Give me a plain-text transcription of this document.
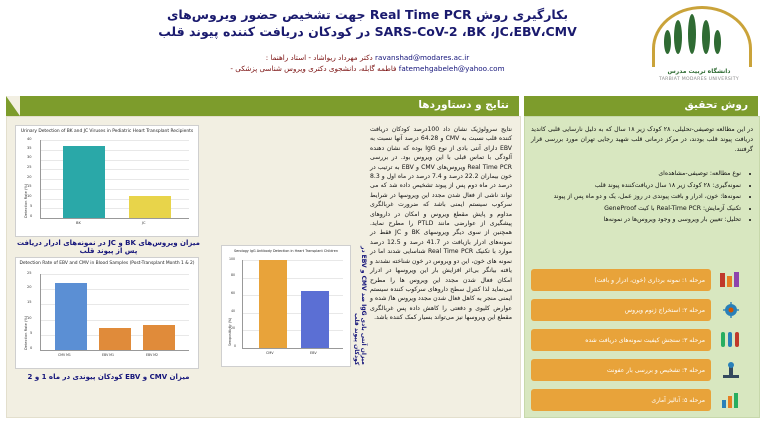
بکارگیری روش Real Time PCR جهت تشخیص حضور ویروس‌های
SARS-CoV-2 ،BK ،JC،EBV،CMV در کودکان دریافت کننده پیوند قلب
ravanshad@modares.ac.ir دکتر مهرداد ریواشاد - استاد راهنما :
fatemehgabeleh@yahoo.com فاطمه گابله، دانشجوی دکتری ویروس شناسی پزشکی -	دانشگاه تربیت مدرس
TARBIAT MODARES UNIVERSITY
نتایج و دستاوردها	روش تحقیق

نتایج سرولوژیک نشان داد 100درصد کودکان دریافت کننده قلب نسبت به CMV و 64.28 درصد آنها نسبت به EBV دارای آنتی بادی از نوع IgG بوده که نشان دهنده آلودگی با تماس قبلی با این ویروس بود. در بررسی Real Time PCR ویروس‌های CMV و EBV به ترتیب در خون بیماران 22.2 درصد و 7.4 درصد در ماه اول و 8.3 درصد در ماه دوم پس از پیوند تشخیص داده شد که می تواند ناشی از فعال شدن مجدد این ویروسها در شرایط سرکوب سیستم ایمنی باشد که ضرورت غربالگری مداوم و پایش مقطع ویروس و امکان در داروهای پیشگیری از عوارضی مانند PTLD را مطرح نماید. همچنین از سوی دیگر ویروسهای BK و JC فقط در نمونه‌های ادرار بازیافت در 41.7 درصد و 12.5 درصد موارد با تکنیک Real Time PCR شناسایی شدند اما در نمونه های خون، این دو ویروس در خون شناخته نشدند و یافته بیانگر بی‌اثر افزایش بار این ویروسها در ادرار امکان فعال شدن مجدد این ویروس ها را مطرح می‌نماید لذا کنترل سطح داروهای سرکوب کننده سیستم ایمنی منجر به کاهل فعال شدن مجدد ویروس ها/ شده و عوارض کلیوی و دفعتی را کاهش داده پس غربالگری مقطع این ویروسها نیز می‌تواند بسیار کمک کننده باشد.

Urinary Detection of BK and JC Viruses in Pediatric Heart Transplant Recipients
Detection Rate (%) 0
5
10
15
20
25
30
35
40
BK	JC
میزان ویروس‌های BK و JC در نمونه‌های ادرار دریافت پس از پیوند قلب
Detection Rate of EBV and CMV in Blood Samples (Post-Transplant Month 1 & 2)
Detection Rate (%) 0
5
10
15
20
25
CMV M1	EBV M1	EBV M2
میزان CMV و EBV کودکان پیوندی در ماه 1 و 2
Serology IgG Antibody Detection in Heart Transplant Children
Seropositivity (%) 0
20
40
60
80
100
CMV	EBV
میزان آنتی بادی IgG ضد CMV و EBV در کودکان پیوند قلب

در این مطالعه توصیفی-تحلیلی، ۲۸ کودک زیر ۱۸ سال که به دلیل نارسایی قلبی کاندید دریافت پیوند قلب بودند، در مرکز درمانی قلب شهید رجایی تهران مورد بررسی قرار گرفتند.

• نوع مطالعه: توصیفی-مشاهده‌ای
• نمونه‌گیری: ۲۸ کودک زیر ۱۸ سال دریافت‌کننده پیوند قلب
• نمونه‌ها: خون، ادرار و بافت پیوندی در روز عمل، یک و دو ماه پس از پیوند
• تکنیک آزمایش: Real-Time PCR با کیت GeneProof
• تحلیل: تعیین بار ویروسی و وجود ویروس‌ها در نمونه‌ها
مرحله ۱: نمونه برداری (خون، ادرار و بافت)
مرحله ۲: استخراج ژنوم ویروس
مرحله ۳: سنجش کیفیت نمونه‌های دریافت شده
مرحله ۴: تشخیص و بررسی بار عفونت
مرحله ۵: آنالیز آماری
